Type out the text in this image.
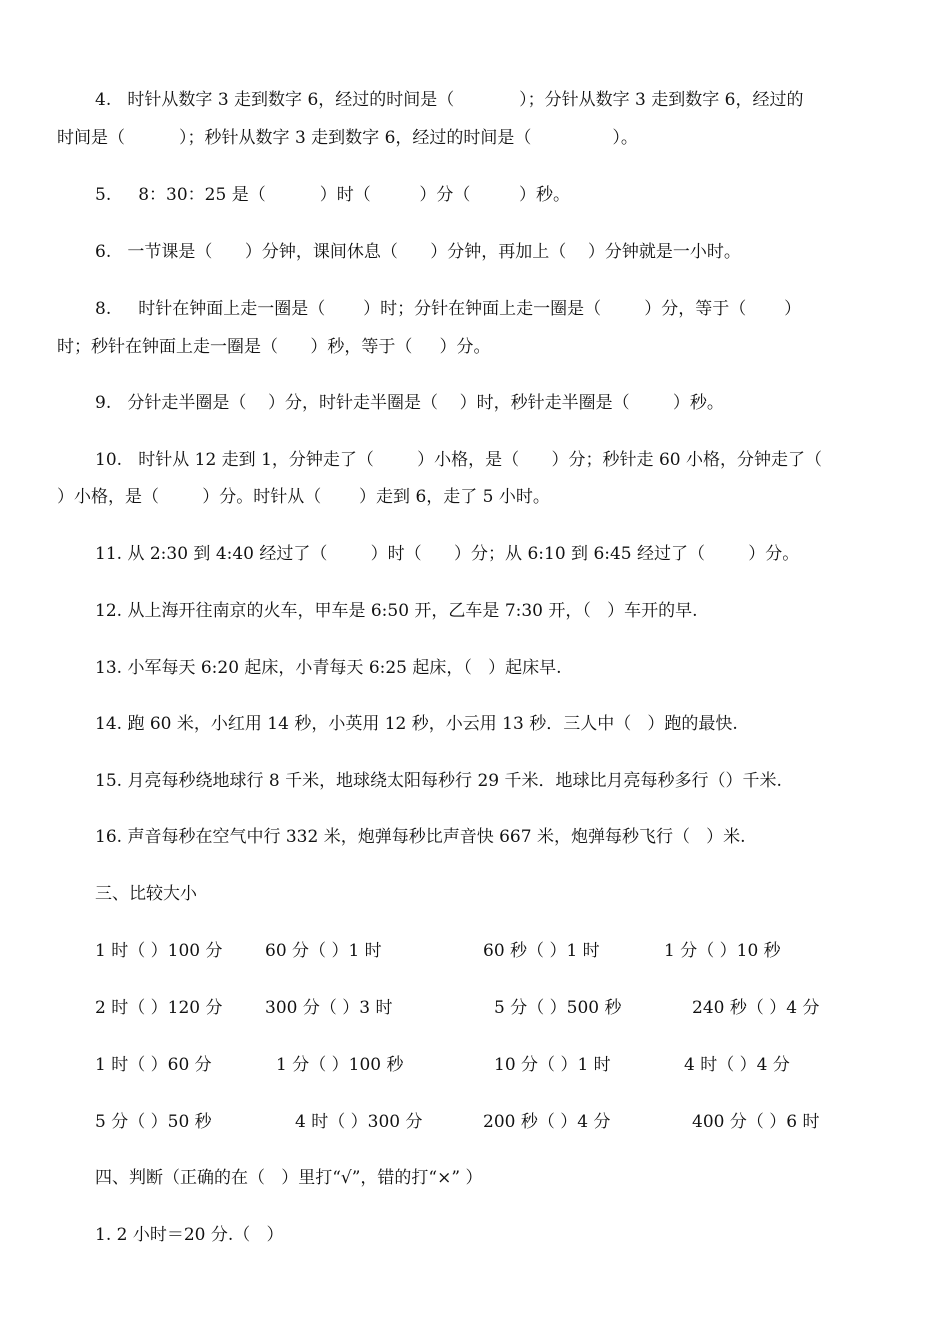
4.   时针从数字 3 走到数字 6，经过的时间是（            ）；分针从数字 3 走到数字 6，经过的
时间是（          ）；秒针从数字 3 走到数字 6，经过的时间是（               ）。
5.     8：30：25 是（          ）时（         ）分（         ）秒。
6.   一节课是（      ）分钟，课间休息（      ）分钟，再加上（    ）分钟就是一小时。
8.     时针在钟面上走一圈是（       ）时；分针在钟面上走一圈是（        ）分，等于（       ）
时；秒针在钟面上走一圈是（      ）秒，等于（     ）分。
9.   分针走半圈是（    ）分，时针走半圈是（    ）时，秒针走半圈是（        ）秒。
10.   时针从 12 走到 1，分钟走了（        ）小格，是（      ）分；秒针走 60 小格，分钟走了（
）小格，是（        ）分。时针从（       ）走到 6，走了 5 小时。
11. 从 2:30 到 4:40 经过了（        ）时（      ）分；从 6:10 到 6:45 经过了（        ）分。
12. 从上海开往南京的火车，甲车是 6:50 开，乙车是 7:30 开，（   ）车开的早.
13. 小军每天 6:20 起床，小青每天 6:25 起床，（   ）起床早.
14. 跑 60 米，小红用 14 秒，小英用 12 秒，小云用 13 秒．三人中（   ）跑的最快.
15. 月亮每秒绕地球行 8 千米，地球绕太阳每秒行 29 千米．地球比月亮每秒多行（）千米.
16. 声音每秒在空气中行 332 米，炮弹每秒比声音快 667 米，炮弹每秒飞行（   ）米.
三、比较大小
1 时（ ）100 分	60 分（ ）1 时	60 秒（ ）1 时	1 分（ ）10 秒
2 时（ ）120 分	300 分（ ）3 时	5 分（ ）500 秒	240 秒（ ）4 分
1 时（ ）60 分	1 分（ ）100 秒	10 分（ ）1 时	4 时（ ）4 分
5 分（ ）50 秒	4 时（ ）300 分	200 秒（ ）4 分	400 分（ ）6 时
四、判断（正确的在（   ）里打“√”，错的打“×” ）
1. 2 小时＝20 分.（   ）
